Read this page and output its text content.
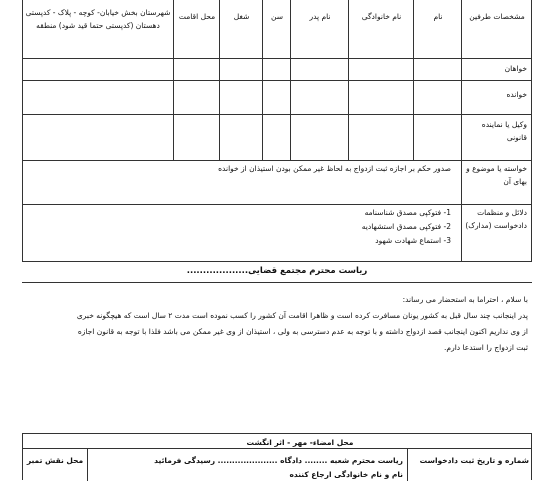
مشخصات طرفین
نام
نام خانوادگی
نام پدر
سن
شغل
محل اقامت
شهرستان بخش خیابان- کوچه - پلاک - کدپستی دهستان (کدپستی حتما قید شود) منطقه
خواهان
خوانده
وکیل یا نماینده قانونی
خواسته یا موضوع و بهای آن
دلائل و منظمات دادخواست (مدارک)
صدور حکم بر اجازه ثبت ازدواج به لحاظ غیر ممکن بودن استیذان از خوانده
1- فتوکپی مصدق شناسنامه
2- فتوکپی مصدق استشهادیه
3- استماع شهادت شهود
ریاست محترم مجتمع قضایی...................
با سلام ، احتراما به استحضار می رساند:
پدر اینجانب چند سال قبل به کشور یونان مسافرت کرده است و ظاهرا اقامت آن کشور را کسب نموده است مدت ۲ سال است که هیچگونه خبری
از وی نداریم اکنون اینجانب قصد ازدواج داشته و با توجه به عدم دسترسی به ولی ، استیذان از وی غیر ممکن می باشد فلذا با توجه به قانون اجازه
ثبت ازدواج را استدعا دارم.
محل امضاء- مهر - اثر انگشت
شماره و تاریخ ثبت دادخواست
ریاست محترم شعبه ........ دادگاه ..................... رسیدگی فرمائید
نام و نام خانوادگی ارجاع کننده
محل نقش تمبر
